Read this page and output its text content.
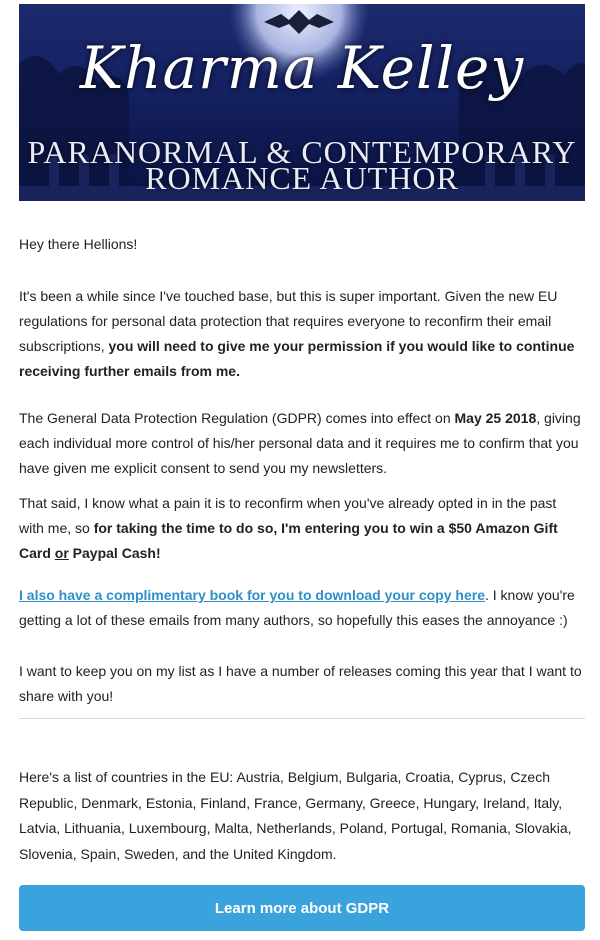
Kharma Kelley
PARANORMAL & CONTEMPORARY
ROMANCE AUTHOR

Hey there Hellions!

It's been a while since I've touched base, but this is super important. Given the new EU regulations for personal data protection that requires everyone to reconfirm their email subscriptions, you will need to give me your permission if you would like to continue receiving further emails from me.

The General Data Protection Regulation (GDPR) comes into effect on May 25 2018, giving each individual more control of his/her personal data and it requires me to confirm that you have given me explicit consent to send you my newsletters.

That said, I know what a pain it is to reconfirm when you've already opted in in the past with me, so for taking the time to do so, I'm entering you to win a $50 Amazon Gift Card or Paypal Cash!

I also have a complimentary book for you to download your copy here. I know you're getting a lot of these emails from many authors, so hopefully this eases the annoyance :)

I want to keep you on my list as I have a number of releases coming this year that I want to share with you!

Here's a list of countries in the EU: Austria, Belgium, Bulgaria, Croatia, Cyprus, Czech Republic, Denmark, Estonia, Finland, France, Germany, Greece, Hungary, Ireland, Italy, Latvia, Lithuania, Luxembourg, Malta, Netherlands, Poland, Portugal, Romania, Slovakia, Slovenia, Spain, Sweden, and the United Kingdom.

Learn more about GDPR
